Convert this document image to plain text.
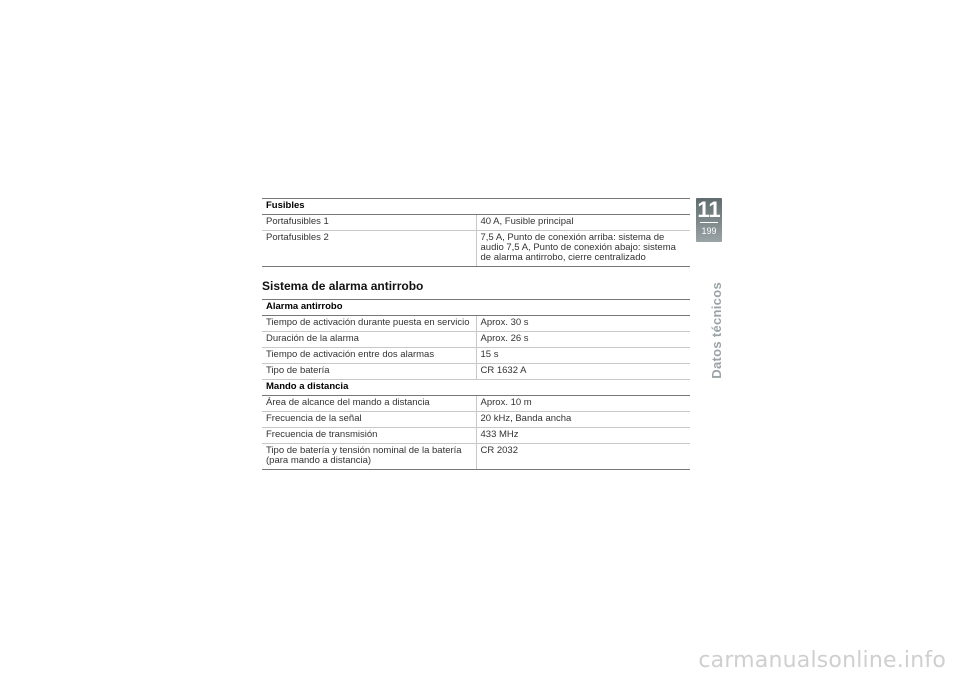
Fusibles	
Portafusibles 1	40 A, Fusible principal
Portafusibles 2	7,5 A, Punto de conexión arriba: sistema de audio 7,5 A, Punto de conexión abajo: sistema de alarma antirrobo, cierre centralizado
Sistema de alarma antirrobo
Alarma antirrobo	
Tiempo de activación durante puesta en servicio	Aprox. 30 s
Duración de la alarma	Aprox. 26 s
Tiempo de activación entre dos alarmas	15 s
Tipo de batería	CR 1632 A
Mando a distancia	
Área de alcance del mando a distancia	Aprox. 10 m
Frecuencia de la señal	20 kHz, Banda ancha
Frecuencia de transmisión	433 MHz
Tipo de batería y tensión nominal de la batería (para mando a distancia)	CR 2032
11
199
Datos técnicos
carmanualsonline.info
